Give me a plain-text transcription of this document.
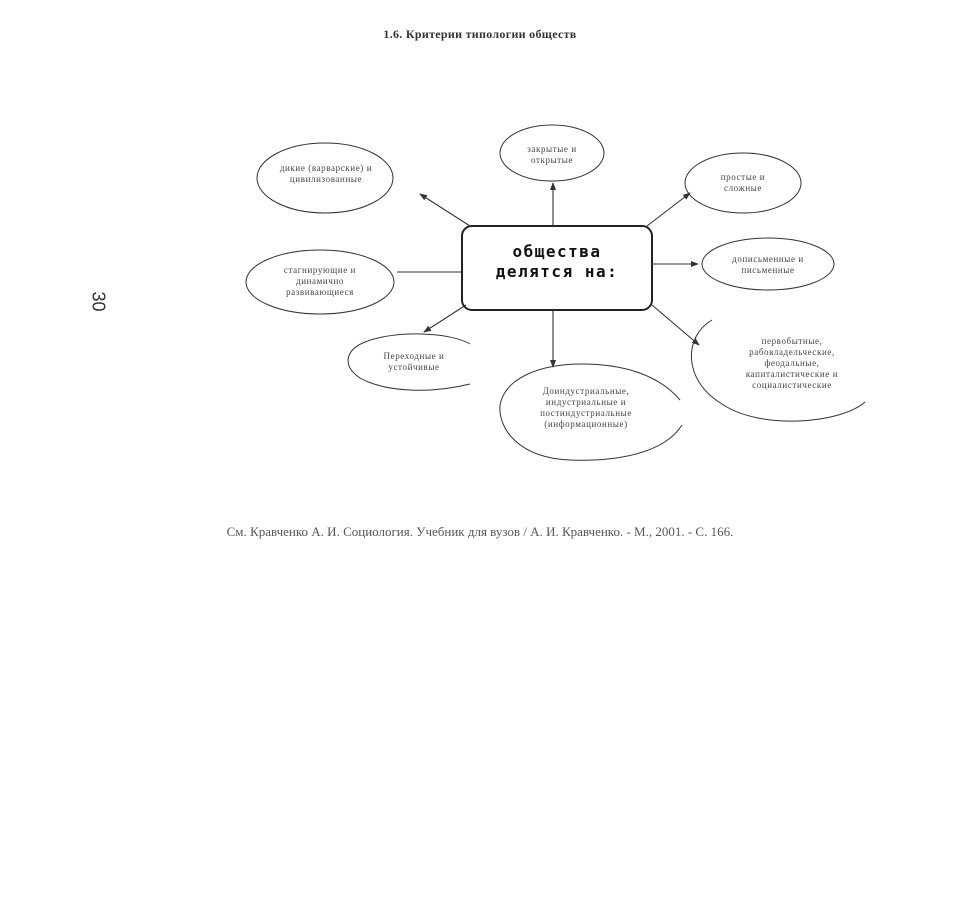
1.6. Критерии типологии обществ
30
общества
делятся на:
закрытые и открытые
простые и сложные
дописьменные и письменные
первобытные, рабовладельческие, феодальные, капиталистические и социалистические
Доиндустриальные, индустриальные и постиндустриальные (информационные)
Переходные и устойчивые
стагнирующие и динамично развивающиеся
дикие (варварские) и цивилизованные
См. Кравченко А. И. Социология. Учебник для вузов / А. И. Кравченко. - М., 2001. - С. 166.
